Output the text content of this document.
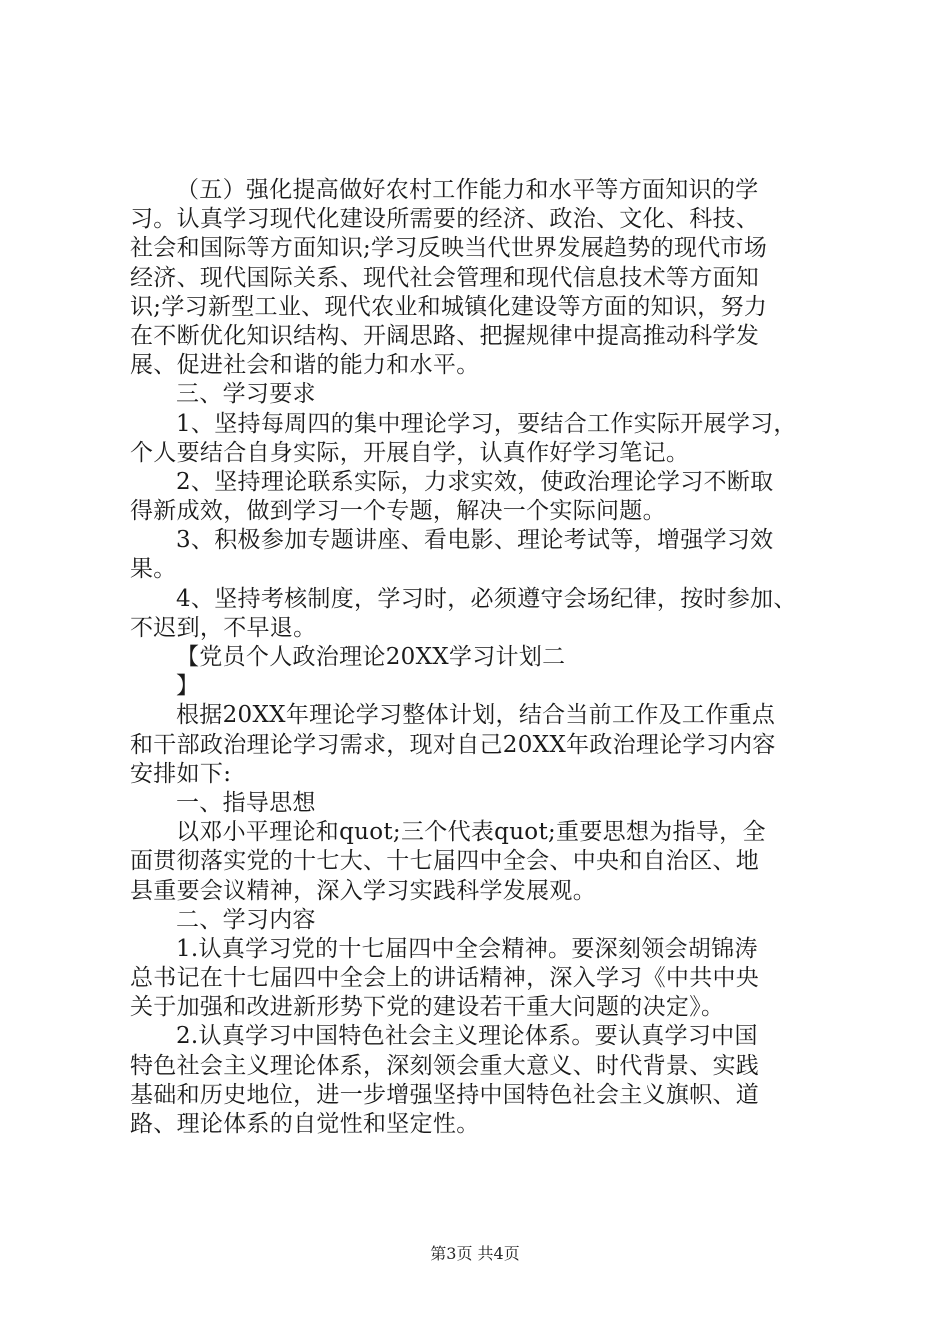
（五）强化提高做好农村工作能力和水平等方面知识的学
习。认真学习现代化建设所需要的经济、政治、文化、科技、
社会和国际等方面知识;学习反映当代世界发展趋势的现代市场
经济、现代国际关系、现代社会管理和现代信息技术等方面知
识;学习新型工业、现代农业和城镇化建设等方面的知识，努力
在不断优化知识结构、开阔思路、把握规律中提高推动科学发
展、促进社会和谐的能力和水平。
三、学习要求
1、坚持每周四的集中理论学习，要结合工作实际开展学习，
个人要结合自身实际，开展自学，认真作好学习笔记。
2、坚持理论联系实际，力求实效，使政治理论学习不断取
得新成效，做到学习一个专题，解决一个实际问题。
3、积极参加专题讲座、看电影、理论考试等，增强学习效
果。
4、坚持考核制度，学习时，必须遵守会场纪律，按时参加、
不迟到，不早退。
【党员个人政治理论20XX学习计划二
】
根据20XX年理论学习整体计划，结合当前工作及工作重点
和干部政治理论学习需求，现对自己20XX年政治理论学习内容
安排如下:
一、指导思想
以邓小平理论和quot;三个代表quot;重要思想为指导，全
面贯彻落实党的十七大、十七届四中全会、中央和自治区、地
县重要会议精神，深入学习实践科学发展观。
二、学习内容
1.认真学习党的十七届四中全会精神。要深刻领会胡锦涛
总书记在十七届四中全会上的讲话精神，深入学习《中共中央
关于加强和改进新形势下党的建设若干重大问题的决定》。
2.认真学习中国特色社会主义理论体系。要认真学习中国
特色社会主义理论体系，深刻领会重大意义、时代背景、实践
基础和历史地位，进一步增强坚持中国特色社会主义旗帜、道
路、理论体系的自觉性和坚定性。
第3页 共4页
